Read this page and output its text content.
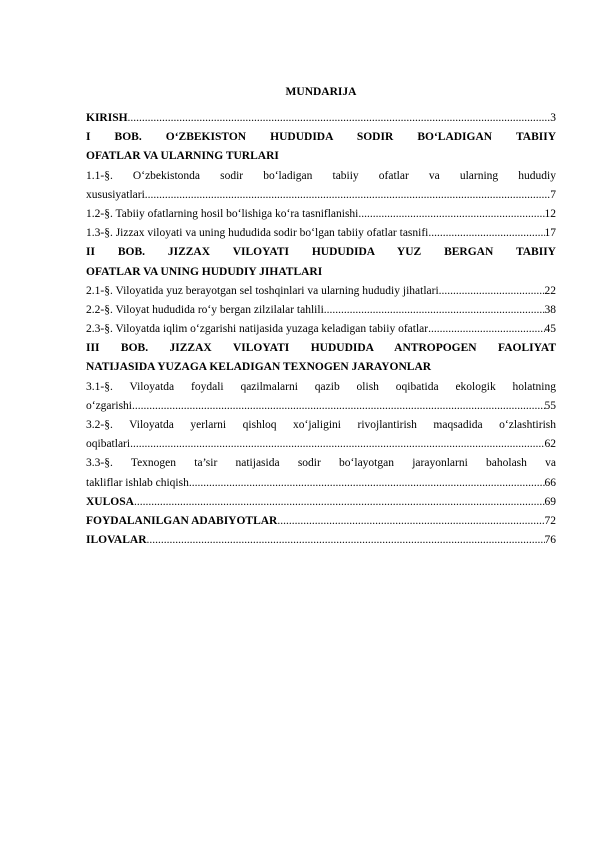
MUNDARIJA
KIRISH .....	3
I BOB. O‘ZBEKISTON HUDUDIDA SODIR BO‘LADIGAN TABIIY
OFATLAR VA ULARNING TURLARI
1.1-§. O‘zbekistonda sodir bo‘ladigan tabiiy ofatlar va ularning hududiy
xususiyatlari .....	7
1.2-§. Tabiiy ofatlarning hosil bo‘lishiga ko‘ra tasniflanishi .....	12
1.3-§. Jizzax viloyati va uning hududida sodir bo‘lgan tabiiy ofatlar tasnifi .....	17
II BOB. JIZZAX VILOYATI HUDUDIDA YUZ BERGAN TABIIY
OFATLAR VA UNING HUDUDIY JIHATLARI
2.1-§. Viloyatida yuz berayotgan sel toshqinlari va ularning hududiy jihatlari .....	22
2.2-§. Viloyat hududida ro‘y bergan zilzilalar tahlili .....	38
2.3-§. Viloyatda iqlim o‘zgarishi natijasida yuzaga keladigan tabiiy ofatlar .....	45
III BOB. JIZZAX VILOYATI HUDUDIDA ANTROPOGEN FAOLIYAT
NATIJASIDA YUZAGA KELADIGAN TEXNOGEN JARAYONLAR
3.1-§. Viloyatda foydali qazilmalarni qazib olish oqibatida ekologik holatning
o‘zgarishi .....	55
3.2-§. Viloyatda yerlarni qishloq xo‘jaligini rivojlantirish maqsadida o‘zlashtirish
oqibatlari .....	62
3.3-§. Texnogen ta’sir natijasida sodir bo‘layotgan jarayonlarni baholash va
takliflar ishlab chiqish .....	66
XULOSA .....	69
FOYDALANILGAN ADABIYOTLAR .....	72
ILOVALAR .....	76
